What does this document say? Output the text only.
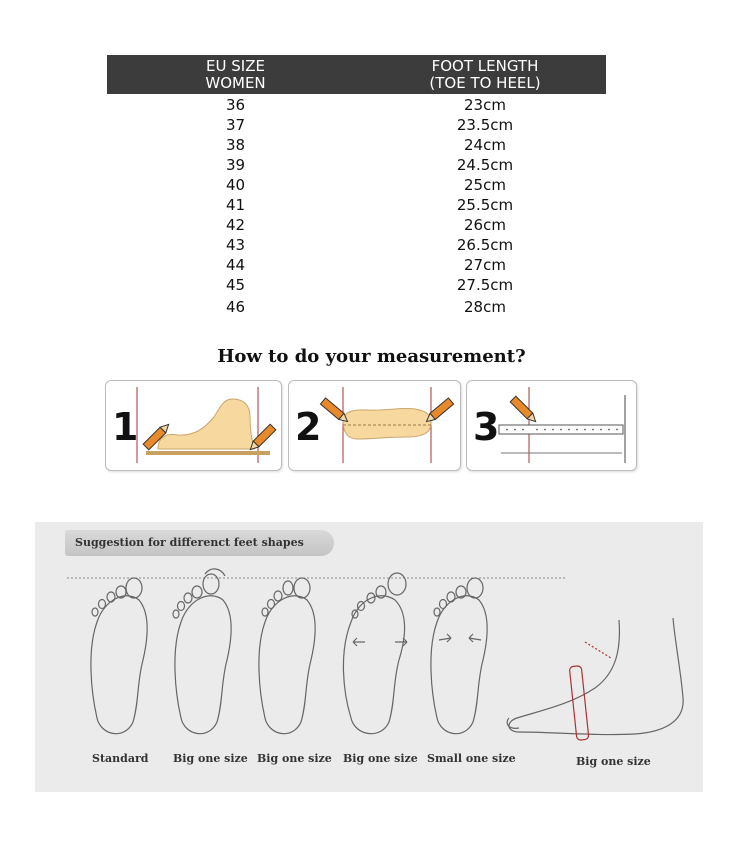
EU SIZE
WOMEN
FOOT LENGTH
(TOE TO HEEL)
36	23cm
37	23.5cm
38	24cm
39	24.5cm
40	25cm
41	25.5cm
42	26cm
43	26.5cm
44	27cm
45	27.5cm
46	28cm
How to do your measurement?
1	2	3
Suggestion for differenct feet shapes
Standard Big one size Big one size Big one size Small one size	Big one size
